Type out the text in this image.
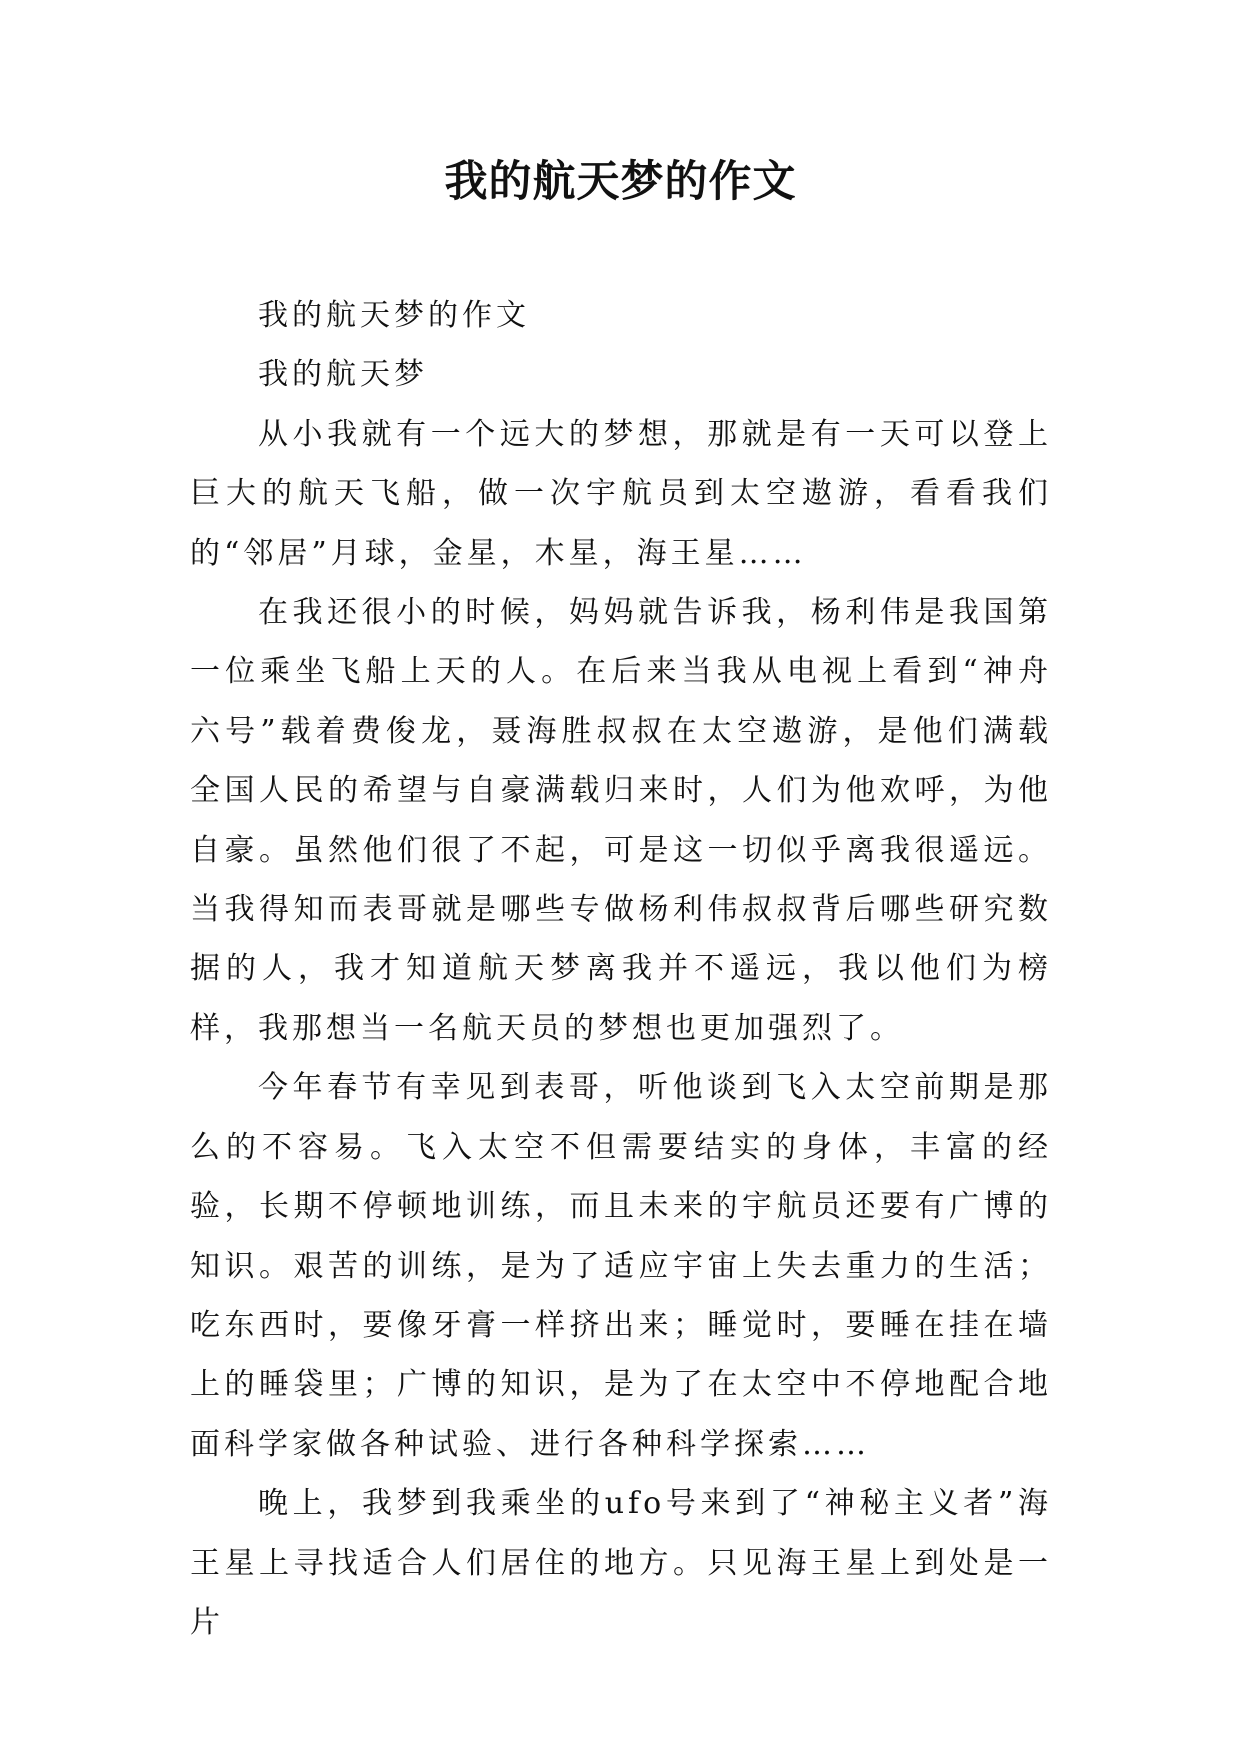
我的航天梦的作文

我的航天梦的作文

我的航天梦

从小我就有一个远大的梦想，那就是有一天可以登上巨大的航天飞船，做一次宇航员到太空遨游，看看我们的“邻居”月球，金星，木星，海王星……

在我还很小的时候，妈妈就告诉我，杨利伟是我国第一位乘坐飞船上天的人。在后来当我从电视上看到“神舟六号”载着费俊龙，聂海胜叔叔在太空遨游，是他们满载全国人民的希望与自豪满载归来时，人们为他欢呼，为他自豪。虽然他们很了不起，可是这一切似乎离我很遥远。当我得知而表哥就是哪些专做杨利伟叔叔背后哪些研究数据的人，我才知道航天梦离我并不遥远，我以他们为榜样，我那想当一名航天员的梦想也更加强烈了。

今年春节有幸见到表哥，听他谈到飞入太空前期是那么的不容易。飞入太空不但需要结实的身体，丰富的经验，长期不停顿地训练，而且未来的宇航员还要有广博的知识。艰苦的训练，是为了适应宇宙上失去重力的生活；吃东西时，要像牙膏一样挤出来；睡觉时，要睡在挂在墙上的睡袋里；广博的知识，是为了在太空中不停地配合地面科学家做各种试验、进行各种科学探索……

晚上，我梦到我乘坐的ufo号来到了“神秘主义者”海王星上寻找适合人们居住的地方。只见海王星上到处是一片
